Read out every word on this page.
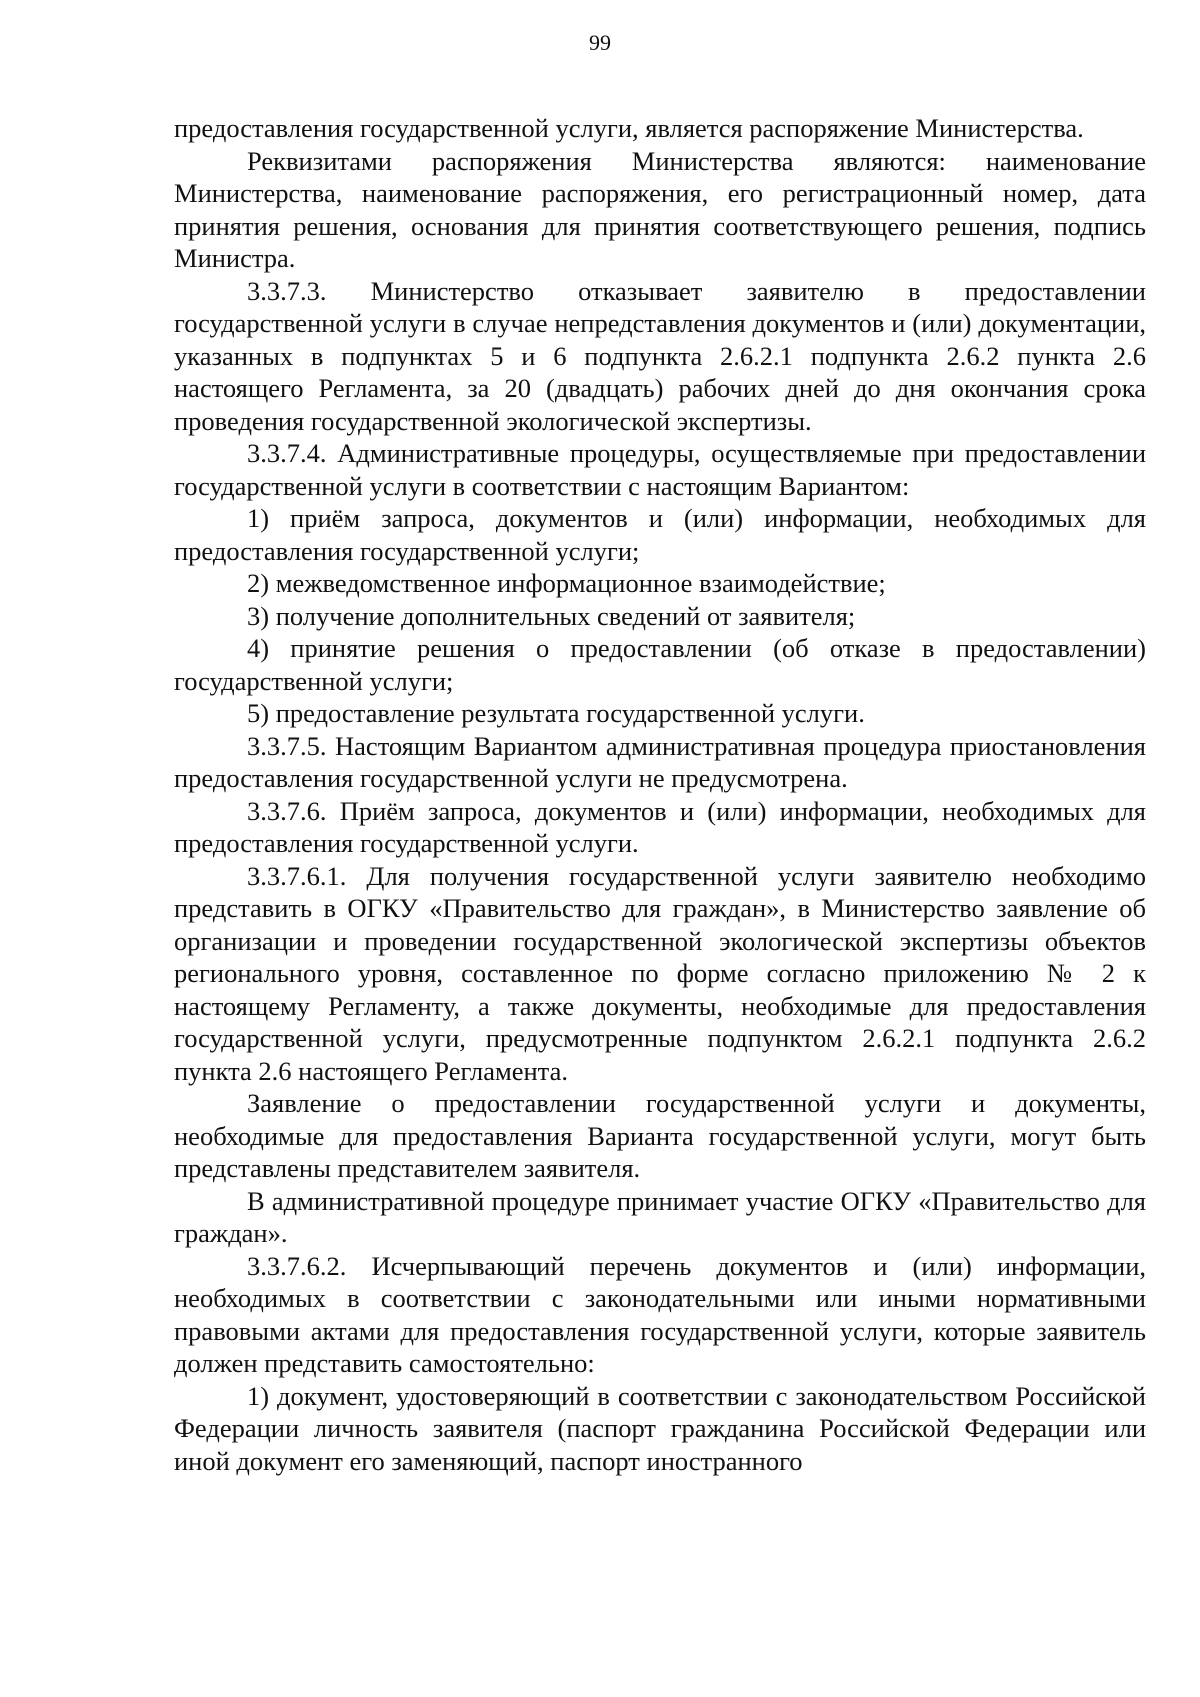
99

предоставления государственной услуги, является распоряжение Министерства.

Реквизитами распоряжения Министерства являются: наименование Министерства, наименование распоряжения, его регистрационный номер, дата принятия решения, основания для принятия соответствующего решения, подпись Министра.

3.3.7.3. Министерство отказывает заявителю в предоставлении государственной услуги в случае непредставления документов и (или) документации, указанных в подпунктах 5 и 6 подпункта 2.6.2.1 подпункта 2.6.2 пункта 2.6 настоящего Регламента, за 20 (двадцать) рабочих дней до дня окончания срока проведения государственной экологической экспертизы.

3.3.7.4. Административные процедуры, осуществляемые при предоставлении государственной услуги в соответствии с настоящим Вариантом:

1) приём запроса, документов и (или) информации, необходимых для предоставления государственной услуги;

2) межведомственное информационное взаимодействие;

3) получение дополнительных сведений от заявителя;

4) принятие решения о предоставлении (об отказе в предоставлении) государственной услуги;

5) предоставление результата государственной услуги.

3.3.7.5. Настоящим Вариантом административная процедура приостановления предоставления государственной услуги не предусмотрена.

3.3.7.6. Приём запроса, документов и (или) информации, необходимых для предоставления государственной услуги.

3.3.7.6.1. Для получения государственной услуги заявителю необходимо представить в ОГКУ «Правительство для граждан», в Министерство заявление об организации и проведении государственной экологической экспертизы объектов регионального уровня, составленное по форме согласно приложению № 2 к настоящему Регламенту, а также документы, необходимые для предоставления государственной услуги, предусмотренные подпунктом 2.6.2.1 подпункта 2.6.2 пункта 2.6 настоящего Регламента.

Заявление о предоставлении государственной услуги и документы, необходимые для предоставления Варианта государственной услуги, могут быть представлены представителем заявителя.

В административной процедуре принимает участие ОГКУ «Правительство для граждан».

3.3.7.6.2. Исчерпывающий перечень документов и (или) информации, необходимых в соответствии с законодательными или иными нормативными правовыми актами для предоставления государственной услуги, которые заявитель должен представить самостоятельно:

1) документ, удостоверяющий в соответствии с законодательством Российской Федерации личность заявителя (паспорт гражданина Российской Федерации или иной документ его заменяющий, паспорт иностранного
